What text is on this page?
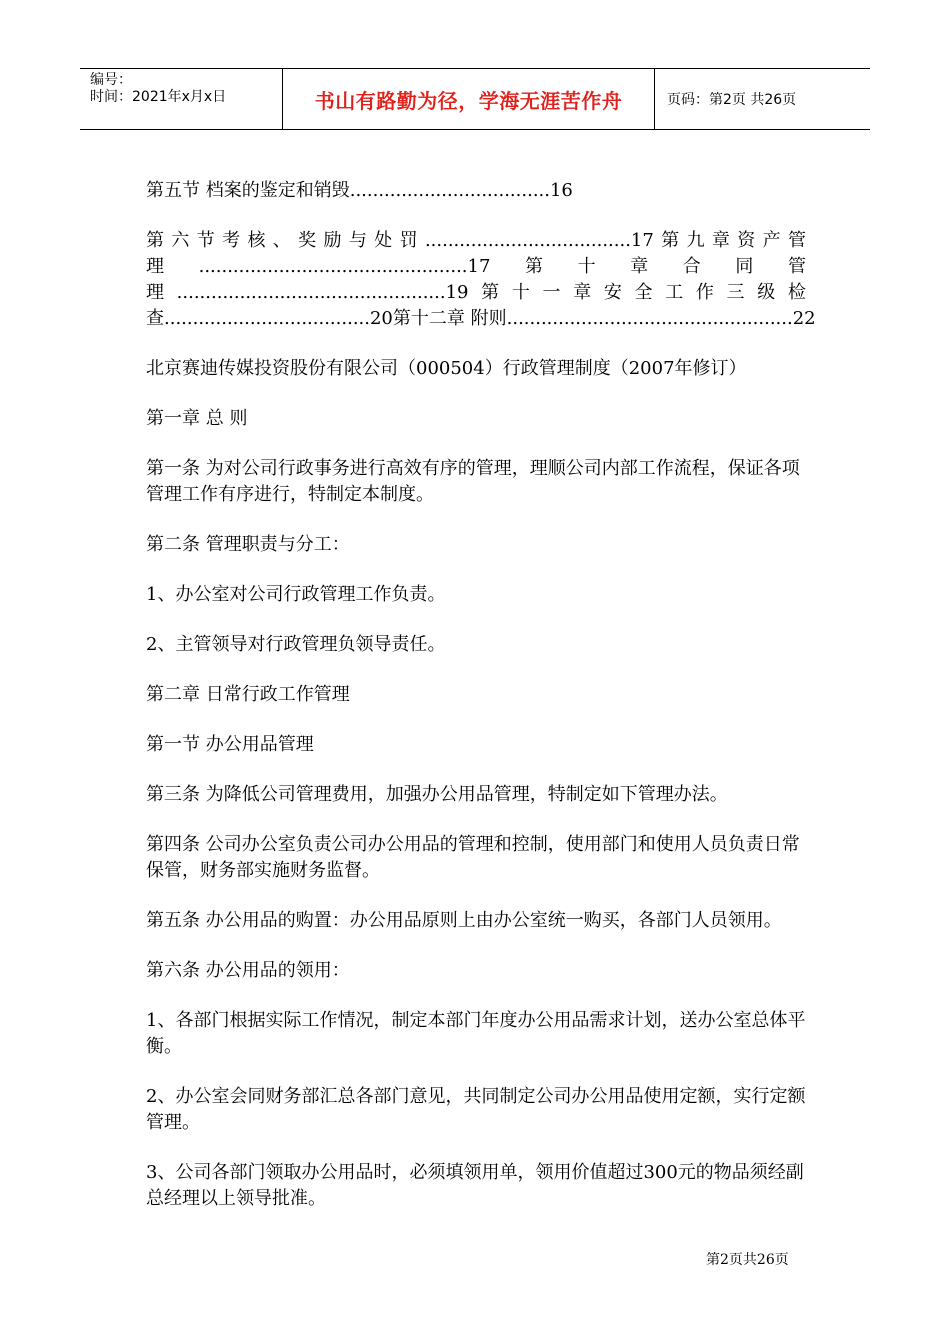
编号：
时间：2021年x月x日	书山有路勤为径，学海无涯苦作舟	页码：第2页 共26页
第五节 档案的鉴定和销毁...................................16
第 六 节 考 核 、 奖 励 与 处 罚 ....................................17 第 九 章 资 产 管
理 ...............................................17 第 十 章 合 同 管
理 ...............................................19 第 十 一 章 安 全 工 作 三 级 检
查....................................20 第十二章 附则 ..................................................22
北京赛迪传媒投资股份有限公司（000504）行政管理制度（2007年修订）
第一章 总 则
第一条 为对公司行政事务进行高效有序的管理，理顺公司内部工作流程，保证各项管理工作有序进行，特制定本制度。
第二条 管理职责与分工：
1、办公室对公司行政管理工作负责。
2、主管领导对行政管理负领导责任。
第二章 日常行政工作管理
第一节 办公用品管理
第三条 为降低公司管理费用，加强办公用品管理，特制定如下管理办法。
第四条 公司办公室负责公司办公用品的管理和控制，使用部门和使用人员负责日常保管，财务部实施财务监督。
第五条 办公用品的购置：办公用品原则上由办公室统一购买，各部门人员领用。
第六条 办公用品的领用：
1、各部门根据实际工作情况，制定本部门年度办公用品需求计划，送办公室总体平衡。
2、办公室会同财务部汇总各部门意见，共同制定公司办公用品使用定额，实行定额管理。
3、公司各部门领取办公用品时，必须填领用单，领用价值超过300元的物品须经副总经理以上领导批准。
第2页共26页
